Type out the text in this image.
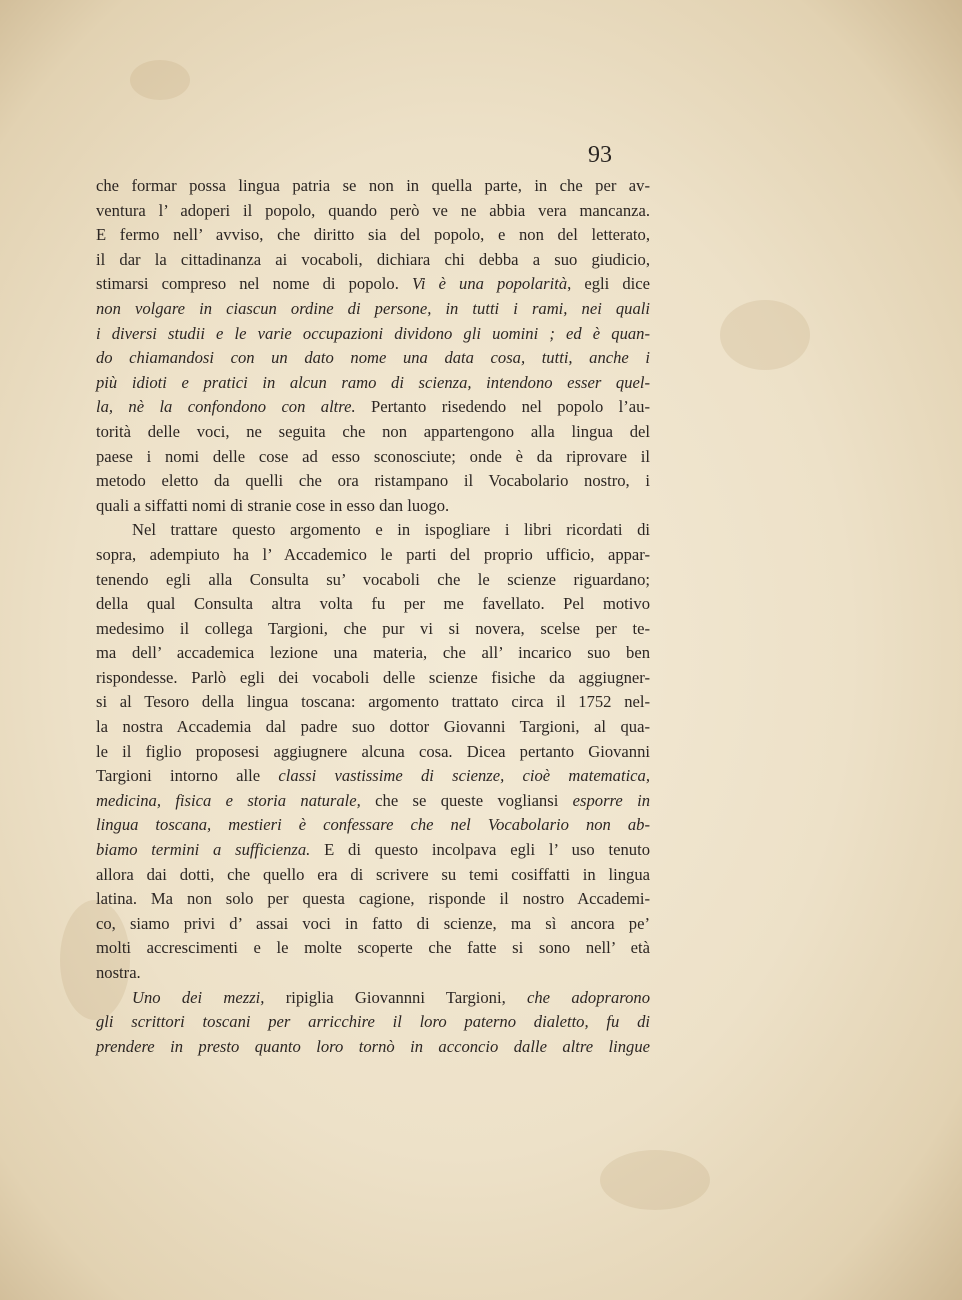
93
che formar possa lingua patria se non in quella parte, in che per av-
ventura l’ adoperi il popolo, quando però ve ne abbia vera mancanza.
E fermo nell’ avviso, che diritto sia del popolo, e non del letterato,
il dar la cittadinanza ai vocaboli, dichiara chi debba a suo giudicio,
stimarsi compreso nel nome di popolo. Vi è una popolarità, egli dice
non volgare in ciascun ordine di persone, in tutti i rami, nei quali
i diversi studii e le varie occupazioni dividono gli uomini ; ed è quan-
do chiamandosi con un dato nome una data cosa, tutti, anche i
più idioti e pratici in alcun ramo di scienza, intendono esser quel-
la, nè la confondono con altre. Pertanto risedendo nel popolo l’au-
torità delle voci, ne seguita che non appartengono alla lingua del
paese i nomi delle cose ad esso sconosciute; onde è da riprovare il
metodo eletto da quelli che ora ristampano il Vocabolario nostro, i
quali a siffatti nomi di stranie cose in esso dan luogo.
Nel trattare questo argomento e in ispogliare i libri ricordati di
sopra, adempiuto ha l’ Accademico le parti del proprio ufficio, appar-
tenendo egli alla Consulta su’ vocaboli che le scienze riguardano;
della qual Consulta altra volta fu per me favellato. Pel motivo
medesimo il collega Targioni, che pur vi si novera, scelse per te-
ma dell’ accademica lezione una materia, che all’ incarico suo ben
rispondesse. Parlò egli dei vocaboli delle scienze fisiche da aggiugner-
si al Tesoro della lingua toscana: argomento trattato circa il 1752 nel-
la nostra Accademia dal padre suo dottor Giovanni Targioni, al qua-
le il figlio proposesi aggiugnere alcuna cosa. Dicea pertanto Giovanni
Targioni intorno alle classi vastissime di scienze, cioè matematica,
medicina, fisica e storia naturale, che se queste vogliansi esporre in
lingua toscana, mestieri è confessare che nel Vocabolario non ab-
biamo termini a sufficienza. E di questo incolpava egli l’ uso tenuto
allora dai dotti, che quello era di scrivere su temi cosiffatti in lingua
latina. Ma non solo per questa cagione, risponde il nostro Accademi-
co, siamo privi d’ assai voci in fatto di scienze, ma sì ancora pe’
molti accrescimenti e le molte scoperte che fatte si sono nell’ età
nostra.
Uno dei mezzi, ripiglia Giovannni Targioni, che adoprarono
gli scrittori toscani per arricchire il loro paterno dialetto, fu di
prendere in presto quanto loro tornò in acconcio dalle altre lingue
